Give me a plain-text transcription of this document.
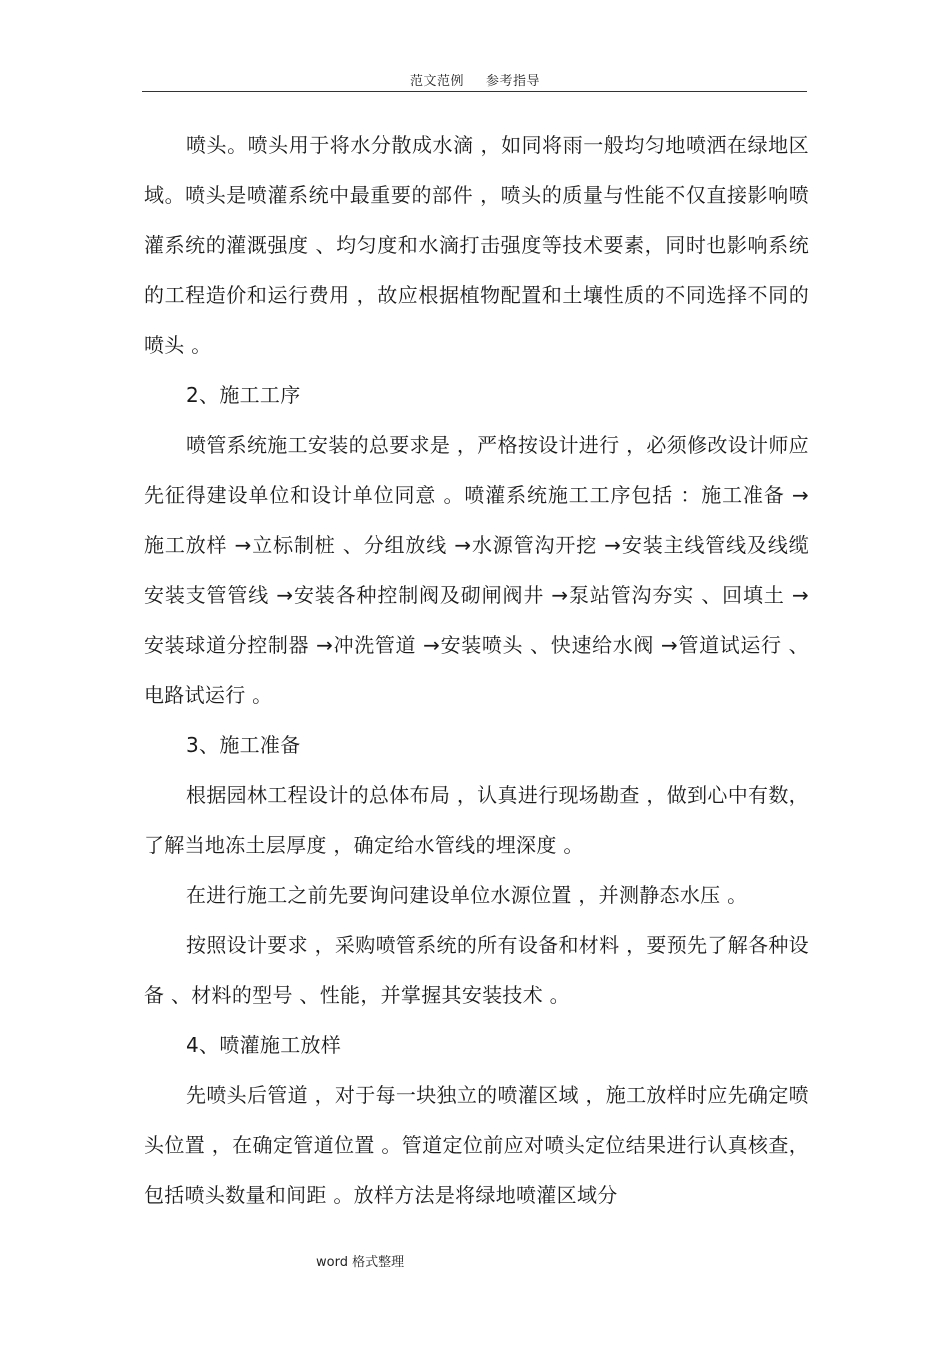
范文范例 参考指导

喷头。喷头用于将水分散成水滴 ，如同将雨一般均匀地喷洒在绿地区域。喷头是喷灌系统中最重要的部件 ，喷头的质量与性能不仅直接影响喷灌系统的灌溉强度 、均匀度和水滴打击强度等技术要素，同时也影响系统的工程造价和运行费用 ，故应根据植物配置和土壤性质的不同选择不同的喷头 。

2、施工工序

喷管系统施工安装的总要求是 ，严格按设计进行 ，必须修改设计师应先征得建设单位和设计单位同意 。喷灌系统施工工序包括 ：施工准备 →施工放样 →立标制桩 、分组放线 →水源管沟开挖 →安装主线管线及线缆安装支管管线 →安装各种控制阀及砌闸阀井 →泵站管沟夯实 、回填土 →安装球道分控制器 →冲洗管道 →安装喷头 、快速给水阀 →管道试运行 、电路试运行 。

3、施工准备

根据园林工程设计的总体布局 ，认真进行现场勘查 ，做到心中有数，了解当地冻土层厚度 ，确定给水管线的埋深度 。

在进行施工之前先要询问建设单位水源位置 ，并测静态水压 。

按照设计要求 ，采购喷管系统的所有设备和材料 ，要预先了解各种设备 、材料的型号 、性能，并掌握其安装技术 。

4、喷灌施工放样

先喷头后管道 ，对于每一块独立的喷灌区域 ，施工放样时应先确定喷头位置 ，在确定管道位置 。管道定位前应对喷头定位结果进行认真核查， 包括喷头数量和间距 。放样方法是将绿地喷灌区域分

word 格式整理
